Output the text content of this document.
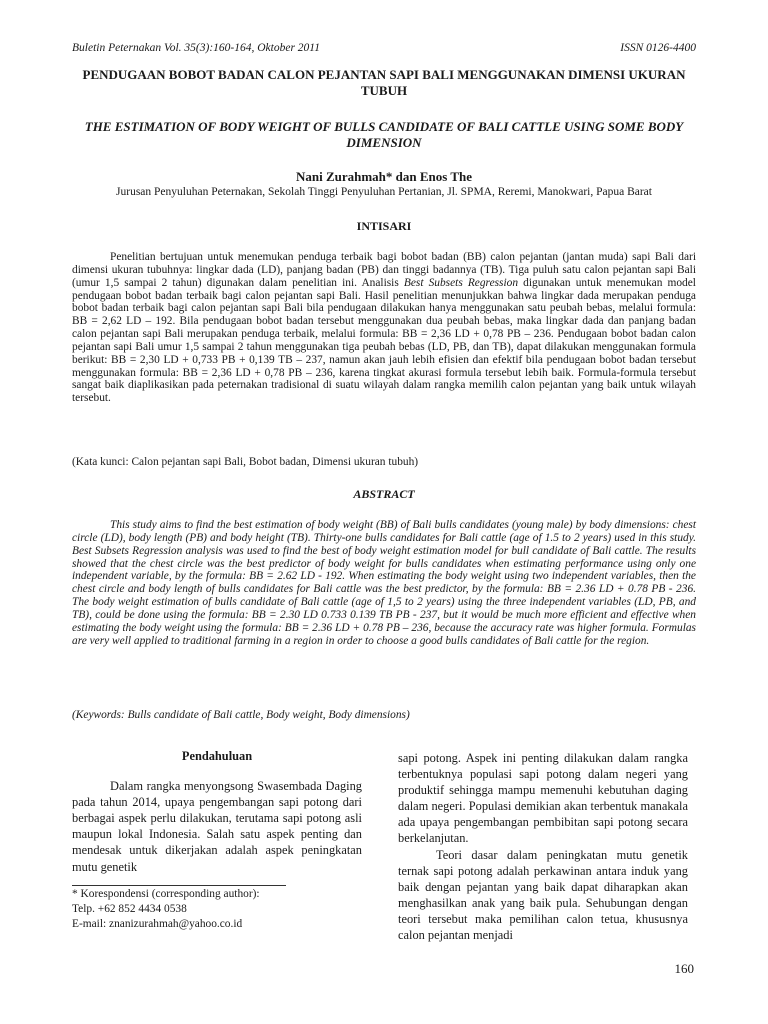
Buletin Peternakan Vol. 35(3):160-164, Oktober 2011	ISSN 0126-4400
PENDUGAAN BOBOT BADAN CALON PEJANTAN SAPI BALI MENGGUNAKAN DIMENSI UKURAN TUBUH
THE ESTIMATION OF BODY WEIGHT OF BULLS CANDIDATE OF BALI CATTLE USING SOME BODY DIMENSION
Nani Zurahmah* dan Enos The
Jurusan Penyuluhan Peternakan, Sekolah Tinggi Penyuluhan Pertanian, Jl. SPMA, Reremi, Manokwari, Papua Barat
INTISARI
Penelitian bertujuan untuk menemukan penduga terbaik bagi bobot badan (BB) calon pejantan (jantan muda) sapi Bali dari dimensi ukuran tubuhnya: lingkar dada (LD), panjang badan (PB) dan tinggi badannya (TB). Tiga puluh satu calon pejantan sapi Bali (umur 1,5 sampai 2 tahun) digunakan dalam penelitian ini. Analisis Best Subsets Regression digunakan untuk menemukan model pendugaan bobot badan terbaik bagi calon pejantan sapi Bali. Hasil penelitian menunjukkan bahwa lingkar dada merupakan penduga bobot badan terbaik bagi calon pejantan sapi Bali bila pendugaan dilakukan hanya menggunakan satu peubah bebas, melalui formula: BB = 2,62 LD – 192. Bila pendugaan bobot badan tersebut menggunakan dua peubah bebas, maka lingkar dada dan panjang badan calon pejantan sapi Bali merupakan penduga terbaik, melalui formula: BB = 2,36 LD + 0,78 PB – 236. Pendugaan bobot badan calon pejantan sapi Bali umur 1,5 sampai 2 tahun menggunakan tiga peubah bebas (LD, PB, dan TB), dapat dilakukan menggunakan formula berikut: BB = 2,30 LD + 0,733 PB + 0,139 TB – 237, namun akan jauh lebih efisien dan efektif bila pendugaan bobot badan tersebut menggunakan formula: BB = 2,36 LD + 0,78 PB – 236, karena tingkat akurasi formula tersebut lebih baik. Formula-formula tersebut sangat baik diaplikasikan pada peternakan tradisional di suatu wilayah dalam rangka memilih calon pejantan yang baik untuk wilayah tersebut.
(Kata kunci: Calon pejantan sapi Bali, Bobot badan, Dimensi ukuran tubuh)
ABSTRACT
This study aims to find the best estimation of body weight (BB) of Bali bulls candidates (young male) by body dimensions: chest circle (LD), body length (PB) and body height (TB). Thirty-one bulls candidates for Bali cattle (age of 1.5 to 2 years) used in this study. Best Subsets Regression analysis was used to find the best of body weight estimation model for bull candidate of Bali cattle. The results showed that the chest circle was the best predictor of body weight for bulls candidates when estimating performance using only one independent variable, by the formula: BB = 2.62 LD - 192. When estimating the body weight using two independent variables, then the chest circle and body length of bulls candidates for Bali cattle was the best predictor, by the formula: BB = 2.36 LD + 0.78 PB - 236. The body weight estimation of bulls candidate of Bali cattle (age of 1,5 to 2 years) using the three independent variables (LD, PB, and TB), could be done using the formula: BB = 2.30 LD 0.733 0.139 TB PB - 237, but it would be much more efficient and effective when estimating the body weight using the formula: BB = 2.36 LD + 0.78 PB – 236, because the accuracy rate was higher formula. Formulas are very well applied to traditional farming in a region in order to choose a good bulls candidates of Bali cattle for the region.
(Keywords: Bulls candidate of Bali cattle, Body weight, Body dimensions)
Pendahuluan

Dalam rangka menyongsong Swasembada Daging pada tahun 2014, upaya pengembangan sapi potong dari berbagai aspek perlu dilakukan, terutama sapi potong asli maupun lokal Indonesia. Salah satu aspek penting dan mendesak untuk dikerjakan adalah aspek peningkatan mutu genetik

sapi potong. Aspek ini penting dilakukan dalam rangka terbentuknya populasi sapi potong dalam negeri yang produktif sehingga mampu memenuhi kebutuhan daging dalam negeri. Populasi demikian akan terbentuk manakala ada upaya pengembangan pembibitan sapi potong secara berkelanjutan.

Teori dasar dalam peningkatan mutu genetik ternak sapi potong adalah perkawinan antara induk yang baik dengan pejantan yang baik dapat diharapkan akan menghasilkan anak yang baik pula. Sehubungan dengan teori tersebut maka pemilihan calon tetua, khususnya calon pejantan menjadi

* Korespondensi (corresponding author):
Telp. +62 852 4434 0538
E-mail: znanizurahmah@yahoo.co.id
160
